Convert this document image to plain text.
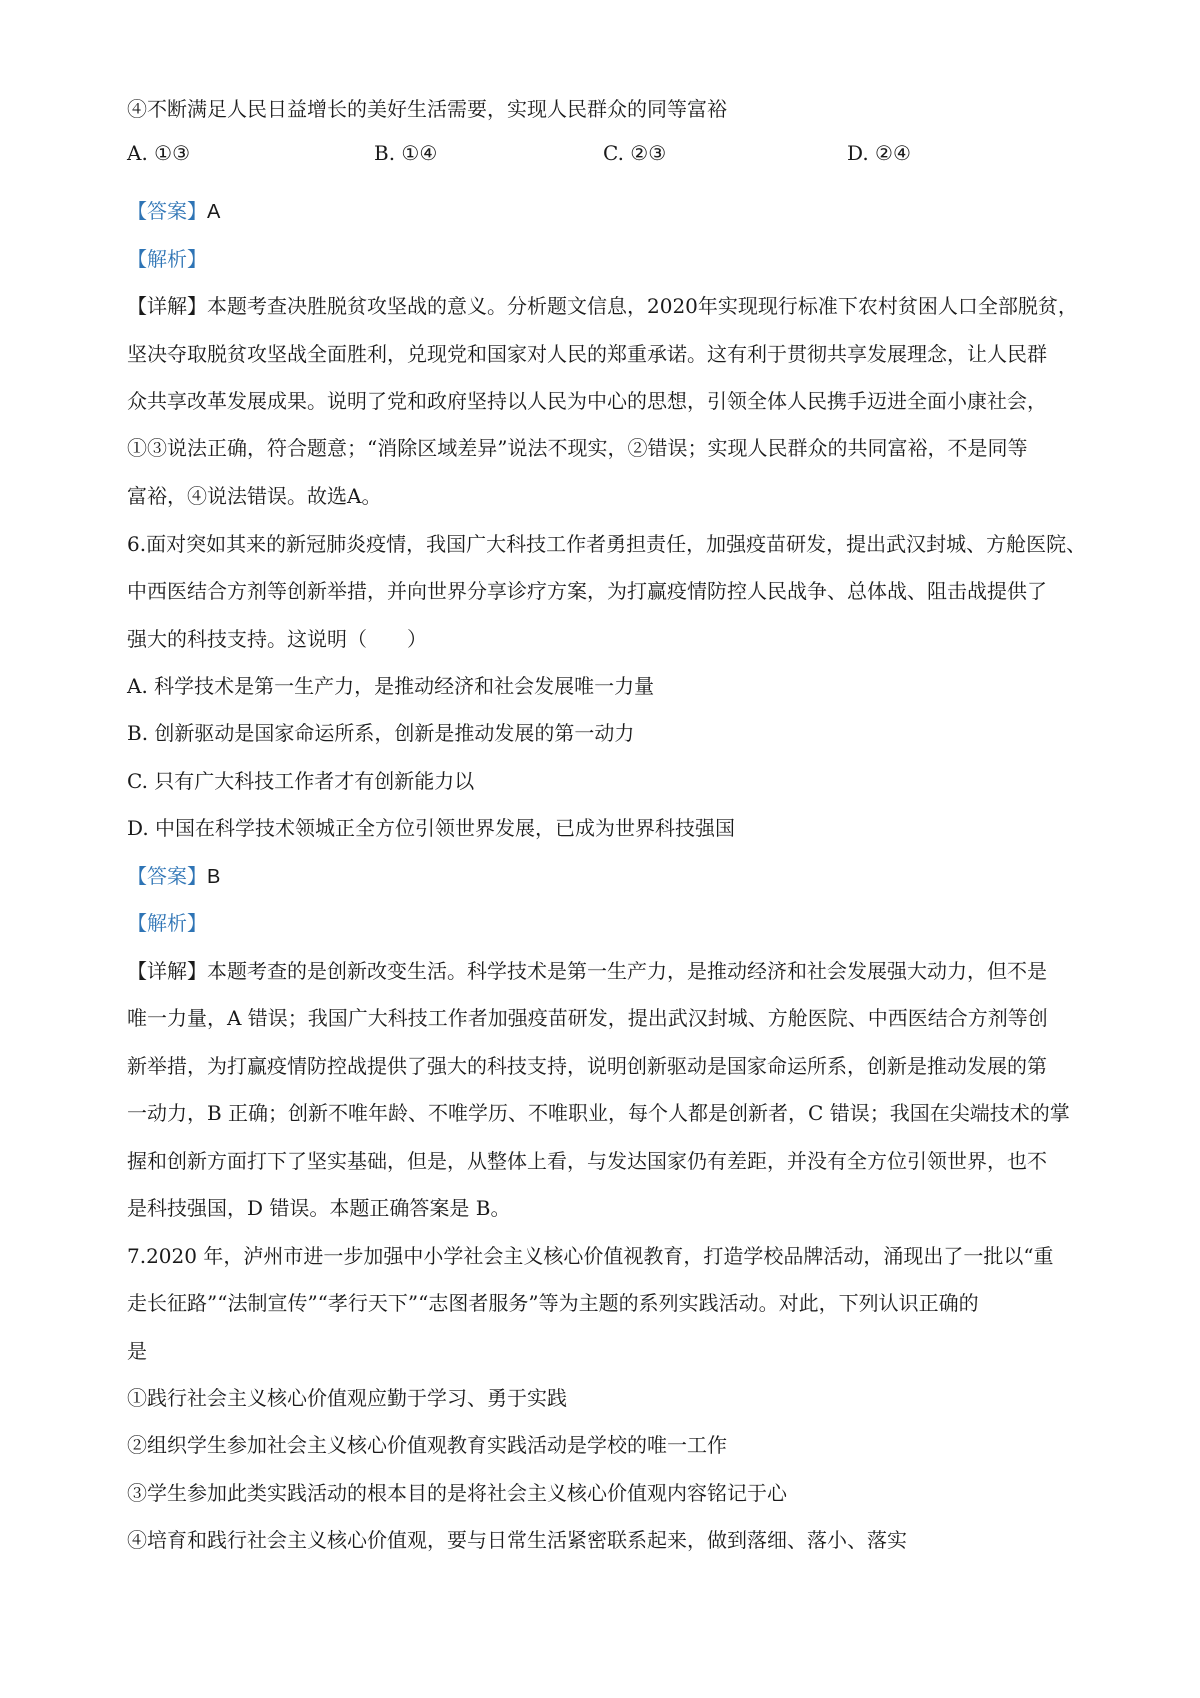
④不断满足人民日益增长的美好生活需要，实现人民群众的同等富裕
A. ①③	B. ①④	C. ②③	D. ②④
【答案】A
【解析】
【详解】本题考查决胜脱贫攻坚战的意义。分析题文信息，2020年实现现行标准下农村贫困人口全部脱贫，
坚决夺取脱贫攻坚战全面胜利，兑现党和国家对人民的郑重承诺。这有利于贯彻共享发展理念，让人民群
众共享改革发展成果。说明了党和政府坚持以人民为中心的思想，引领全体人民携手迈进全面小康社会，
①③说法正确，符合题意；“消除区域差异”说法不现实，②错误；实现人民群众的共同富裕，不是同等
富裕，④说法错误。故选A。
6.面对突如其来的新冠肺炎疫情，我国广大科技工作者勇担责任，加强疫苗研发，提出武汉封城、方舱医院、
中西医结合方剂等创新举措，并向世界分享诊疗方案，为打赢疫情防控人民战争、总体战、阻击战提供了
强大的科技支持。这说明（　　）
A. 科学技术是第一生产力，是推动经济和社会发展唯一力量
B. 创新驱动是国家命运所系，创新是推动发展的第一动力
C. 只有广大科技工作者才有创新能力以
D. 中国在科学技术领城正全方位引领世界发展，已成为世界科技强国
【答案】B
【解析】
【详解】本题考查的是创新改变生活。科学技术是第一生产力，是推动经济和社会发展强大动力，但不是
唯一力量，A 错误；我国广大科技工作者加强疫苗研发，提出武汉封城、方舱医院、中西医结合方剂等创
新举措，为打赢疫情防控战提供了强大的科技支持，说明创新驱动是国家命运所系，创新是推动发展的第
一动力，B 正确；创新不唯年龄、不唯学历、不唯职业，每个人都是创新者，C 错误；我国在尖端技术的掌
握和创新方面打下了坚实基础，但是，从整体上看，与发达国家仍有差距，并没有全方位引领世界，也不
是科技强国，D 错误。本题正确答案是 B。
7.2020 年，泸州市进一步加强中小学社会主义核心价值视教育，打造学校品牌活动，涌现出了一批以“重
走长征路”“法制宣传”“孝行天下”“志图者服务”等为主题的系列实践活动。对此，下列认识正确的
是
①践行社会主义核心价值观应勤于学习、勇于实践
②组织学生参加社会主义核心价值观教育实践活动是学校的唯一工作
③学生参加此类实践活动的根本目的是将社会主义核心价值观内容铭记于心
④培育和践行社会主义核心价值观，要与日常生活紧密联系起来，做到落细、落小、落实
